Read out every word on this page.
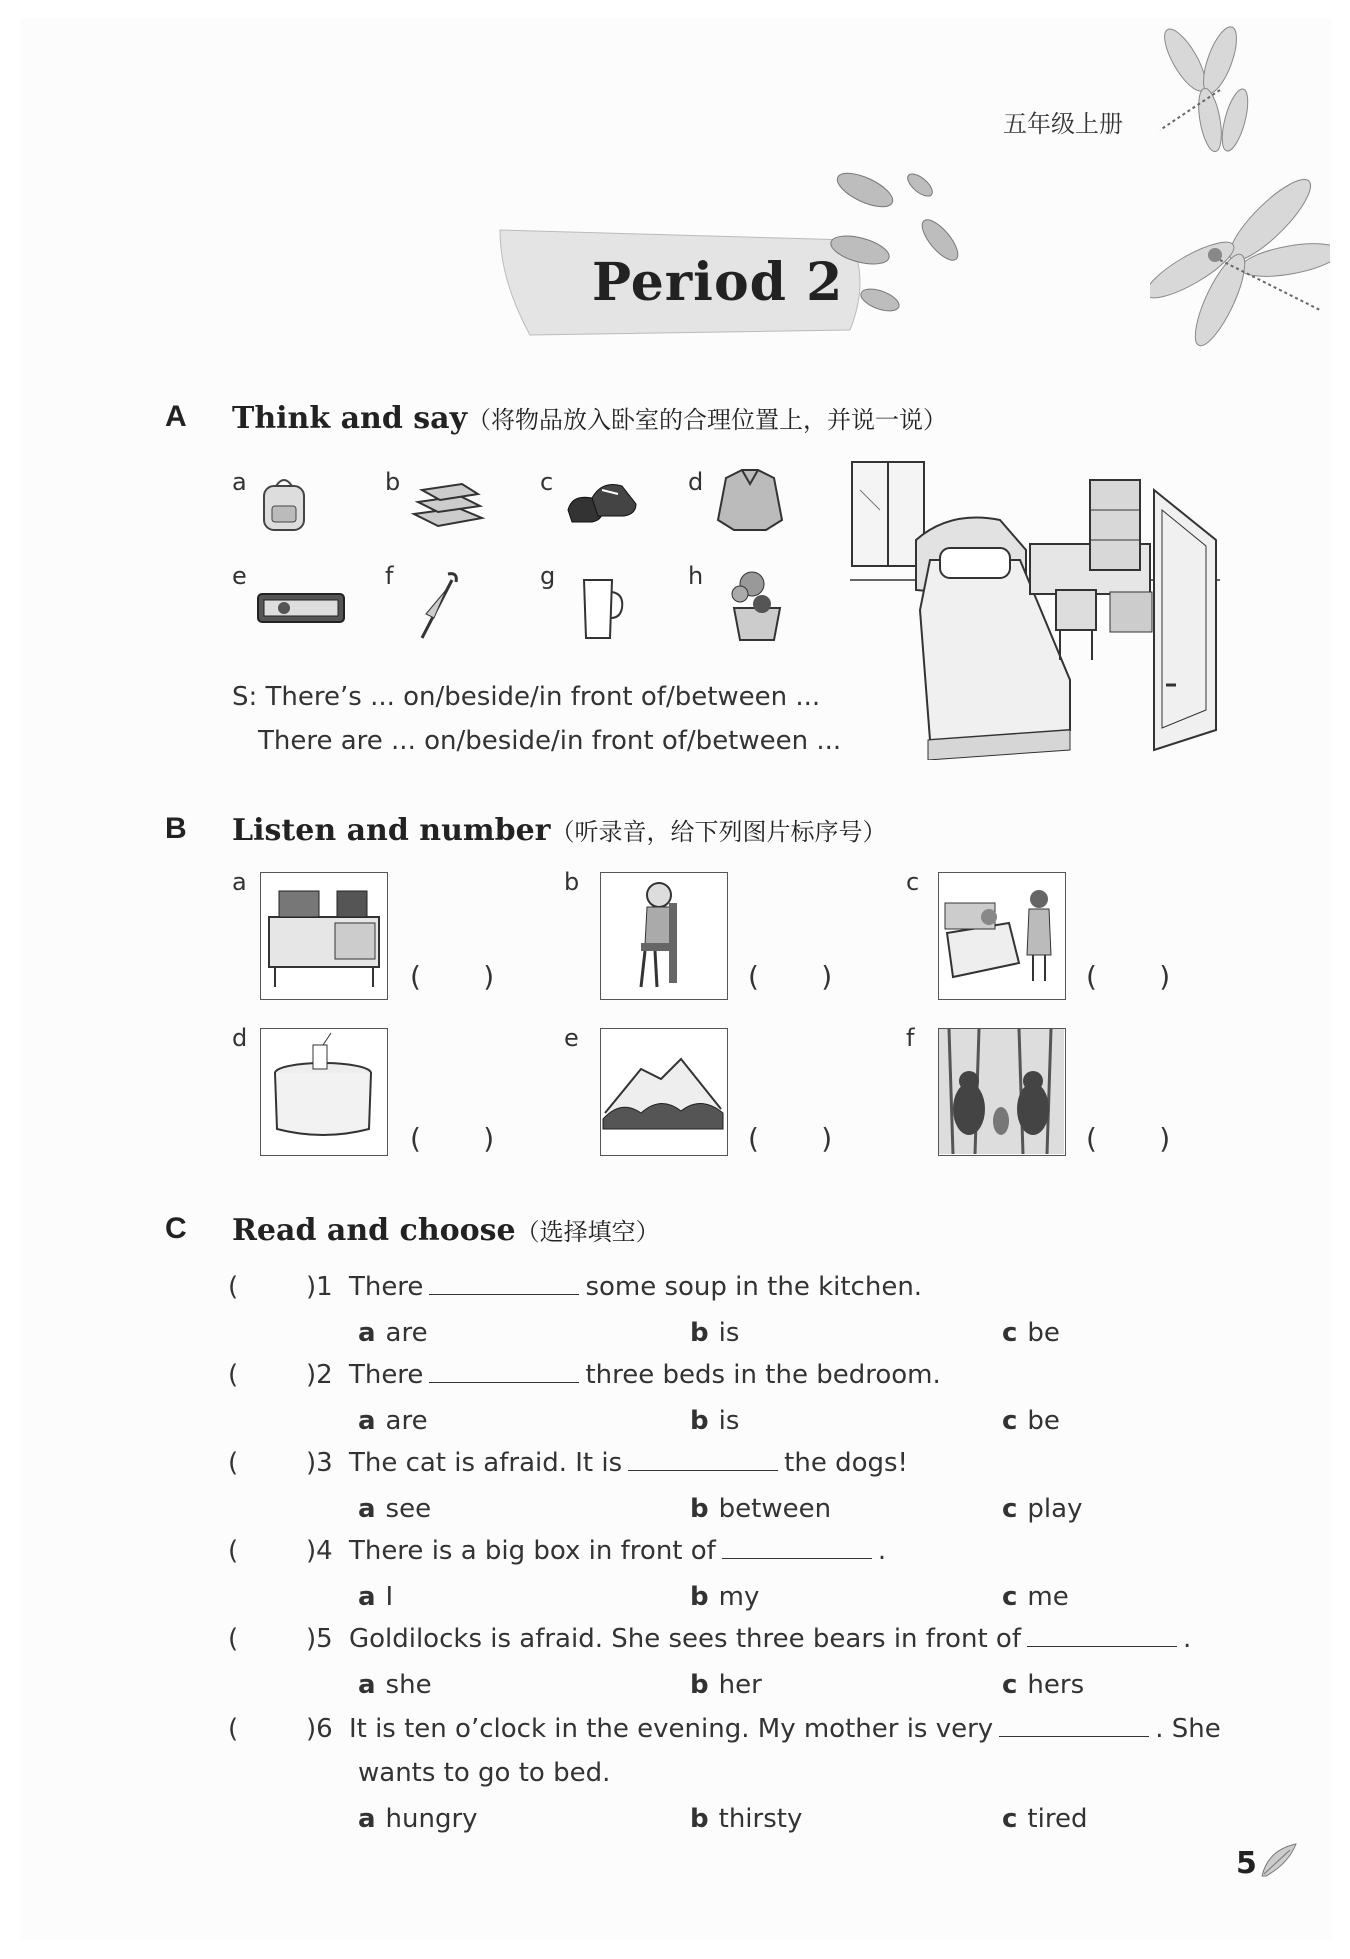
五年级上册
Period 2
A Think and say（将物品放入卧室的合理位置上，并说一说）
a	b	c	d
e	f	g	h
S: There’s ... on/beside/in front of/between ...
There are ... on/beside/in front of/between ...
B Listen and number（听录音，给下列图片标序号）
a
(       )
b
(       )
c
(       )
d
(       )
e
(       )
f
(       )
C Read and choose（选择填空）
(	)1 There	some soup in the kitchen.
a are	b is	c be
(	)2 There	three beds in the bedroom.
a are	b is	c be
(	)3 The cat is afraid. It is	the dogs!
a see	b between	c play
(	)4 There is a big box in front of	.
a I	b my	c me
(	)5 Goldilocks is afraid. She sees three bears in front of	.
a she	b her	c hers
(	)6 It is ten o’clock in the evening. My mother is very	. She
wants to go to bed.
a hungry	b thirsty	c tired
5
